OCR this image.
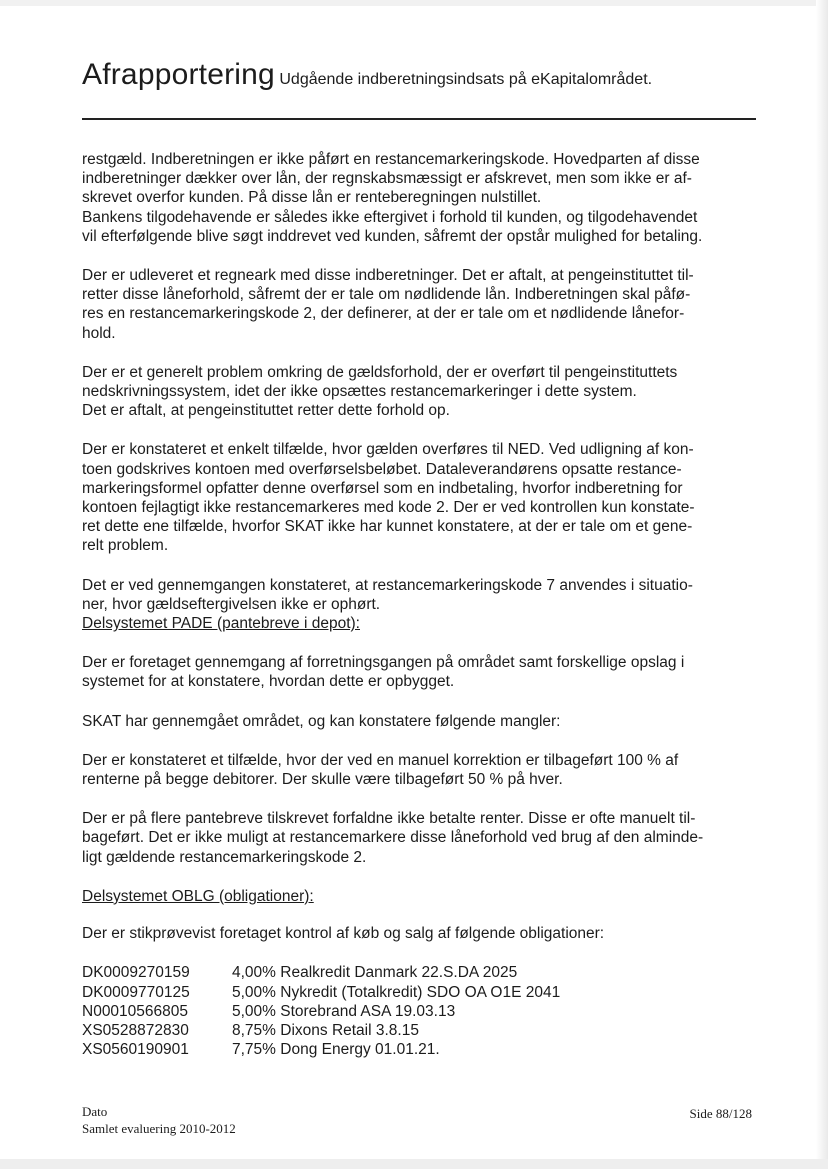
Afrapportering Udgående indberetningsindsats på eKapitalområdet.

restgæld. Indberetningen er ikke påført en restancemarkeringskode. Hovedparten af disse
indberetninger dækker over lån, der regnskabsmæssigt er afskrevet, men som ikke er af-
skrevet overfor kunden. På disse lån er renteberegningen nulstillet.
Bankens tilgodehavende er således ikke eftergivet i forhold til kunden, og tilgodehavendet
vil efterfølgende blive søgt inddrevet ved kunden, såfremt der opstår mulighed for betaling.

Der er udleveret et regneark med disse indberetninger. Det er aftalt, at pengeinstituttet til-
retter disse låneforhold, såfremt der er tale om nødlidende lån. Indberetningen skal påfø-
res en restancemarkeringskode 2, der definerer, at der er tale om et nødlidende lånefor-
hold.

Der er et generelt problem omkring de gældsforhold, der er overført til pengeinstituttets
nedskrivningssystem, idet der ikke opsættes restancemarkeringer i dette system.
Det er aftalt, at pengeinstituttet retter dette forhold op.

Der er konstateret et enkelt tilfælde, hvor gælden overføres til NED. Ved udligning af kon-
toen godskrives kontoen med overførselsbeløbet. Dataleverandørens opsatte restance-
markeringsformel opfatter denne overførsel som en indbetaling, hvorfor indberetning for
kontoen fejlagtigt ikke restancemarkeres med kode 2. Der er ved kontrollen kun konstate-
ret dette ene tilfælde, hvorfor SKAT ikke har kunnet konstatere, at der er tale om et gene-
relt problem.

Det er ved gennemgangen konstateret, at restancemarkeringskode 7 anvendes i situatio-
ner, hvor gældseftergivelsen ikke er ophørt.
Delsystemet PADE (pantebreve i depot):

Der er foretaget gennemgang af forretningsgangen på området samt forskellige opslag i
systemet for at konstatere, hvordan dette er opbygget.

SKAT har gennemgået området, og kan konstatere følgende mangler:

Der er konstateret et tilfælde, hvor der ved en manuel korrektion er tilbageført 100 % af
renterne på begge debitorer. Der skulle være tilbageført 50 % på hver.

Der er på flere pantebreve tilskrevet forfaldne ikke betalte renter. Disse er ofte manuelt til-
bageført. Det er ikke muligt at restancemarkere disse låneforhold ved brug af den alminde-
ligt gældende restancemarkeringskode 2.

Delsystemet OBLG (obligationer):

Der er stikprøvevist foretaget kontrol af køb og salg af følgende obligationer:

DK0009270159	4,00% Realkredit Danmark 22.S.DA 2025
DK0009770125	5,00% Nykredit (Totalkredit) SDO OA O1E 2041
N00010566805	5,00% Storebrand ASA 19.03.13
XS0528872830	8,75% Dixons Retail 3.8.15
XS0560190901	7,75% Dong Energy 01.01.21.
Dato
Samlet evaluering 2010-2012
Side 88/128
